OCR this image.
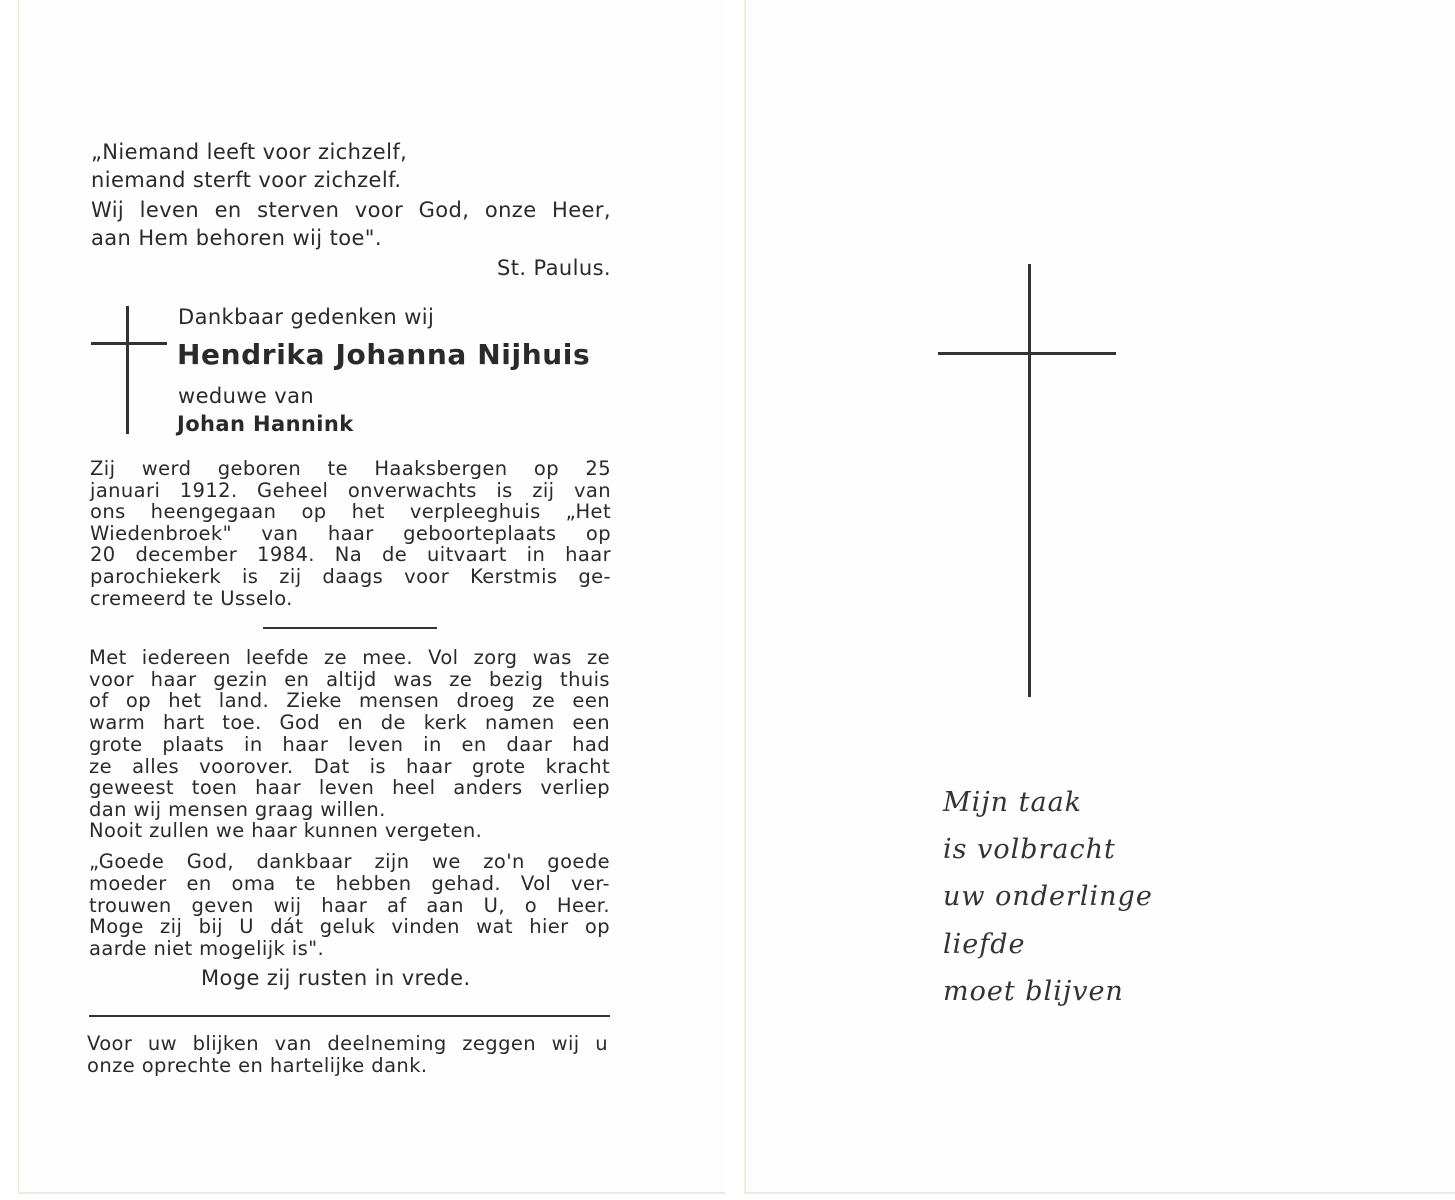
„Niemand leeft voor zichzelf,
niemand sterft voor zichzelf.
Wij leven en sterven voor God, onze Heer,
aan Hem behoren wij toe".
St. Paulus.
Dankbaar gedenken wij
Hendrika Johanna Nijhuis
weduwe van
Johan Hannink
Zij werd geboren te Haaksbergen op 25
januari 1912. Geheel onverwachts is zij van
ons heengegaan op het verpleeghuis „Het
Wiedenbroek" van haar geboorteplaats op
20 december 1984. Na de uitvaart in haar
parochiekerk is zij daags voor Kerstmis ge-
cremeerd te Usselo.
Met iedereen leefde ze mee. Vol zorg was ze
voor haar gezin en altijd was ze bezig thuis
of op het land. Zieke mensen droeg ze een
warm hart toe. God en de kerk namen een
grote plaats in haar leven in en daar had
ze alles voorover. Dat is haar grote kracht
geweest toen haar leven heel anders verliep
dan wij mensen graag willen.
Nooit zullen we haar kunnen vergeten.
„Goede God, dankbaar zijn we zo'n goede
moeder en oma te hebben gehad. Vol ver-
trouwen geven wij haar af aan U, o Heer.
Moge zij bij U dát geluk vinden wat hier op
aarde niet mogelijk is".
Moge zij rusten in vrede.
Voor uw blijken van deelneming zeggen wij u
onze oprechte en hartelijke dank.
Mijn taak
is volbracht
uw onderlinge
liefde
moet blijven
